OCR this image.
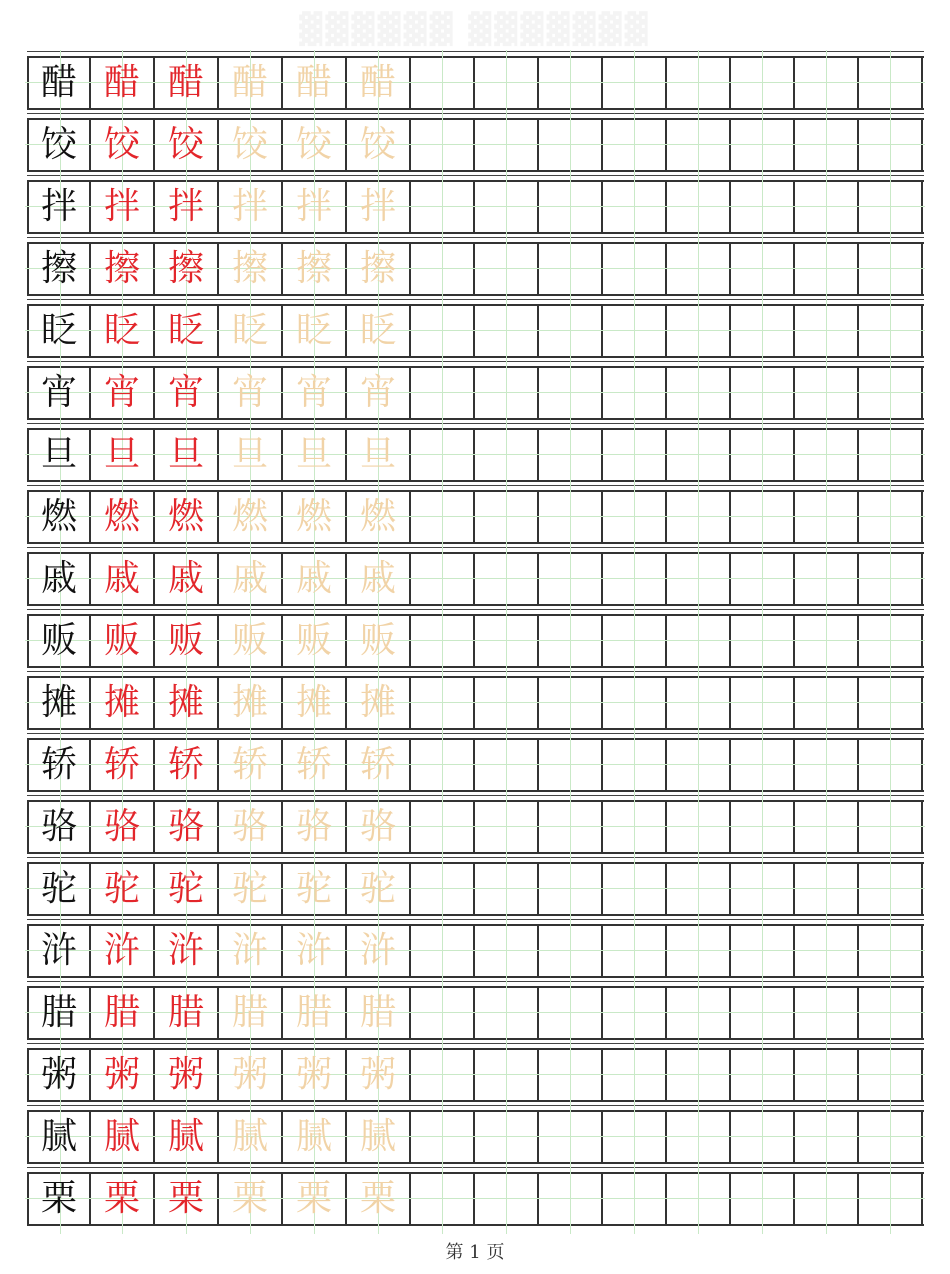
▓▓▓▓▓▓ ▓▓▓▓▓▓▓
醋 醋 醋 醋 醋 醋
饺 饺 饺 饺 饺 饺
拌 拌 拌 拌 拌 拌
擦 擦 擦 擦 擦 擦
眨 眨 眨 眨 眨 眨
宵 宵 宵 宵 宵 宵
旦 旦 旦 旦 旦 旦
燃 燃 燃 燃 燃 燃
戚 戚 戚 戚 戚 戚
贩 贩 贩 贩 贩 贩
摊 摊 摊 摊 摊 摊
轿 轿 轿 轿 轿 轿
骆 骆 骆 骆 骆 骆
驼 驼 驼 驼 驼 驼
浒 浒 浒 浒 浒 浒
腊 腊 腊 腊 腊 腊
粥 粥 粥 粥 粥 粥
腻 腻 腻 腻 腻 腻
栗 栗 栗 栗 栗 栗
第 1 页
